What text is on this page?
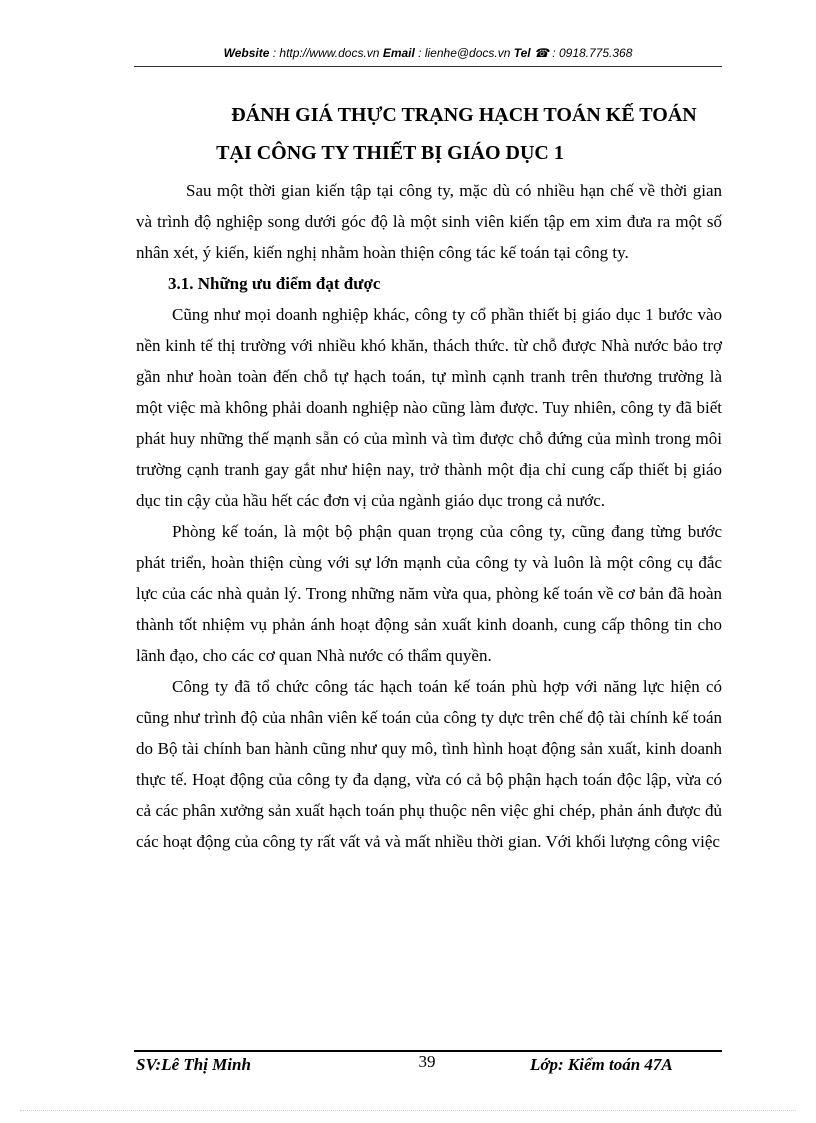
Website : http://www.docs.vn Email : lienhe@docs.vn Tel ☎ : 0918.775.368
ĐÁNH GIÁ THỰC TRẠNG HẠCH TOÁN KẾ TOÁN
TẠI CÔNG TY THIẾT BỊ GIÁO DỤC 1

Sau một thời gian kiến tập tại công ty, mặc dù có nhiều hạn chế về thời gian và trình độ nghiệp song dưới góc độ là một sinh viên kiến tập em xim đưa ra một số nhân xét, ý kiến, kiến nghị nhằm hoàn thiện công tác kế toán tại công ty.

3.1. Những ưu điểm đạt được

Cũng như mọi doanh nghiệp khác, công ty cổ phần thiết bị giáo dục 1 bước vào nền kinh tế thị trường với nhiều khó khăn, thách thức. từ chỗ được Nhà nước bảo trợ gần như hoàn toàn đến chỗ tự hạch toán, tự mình cạnh tranh trên thương trường là một việc mà không phải doanh nghiệp nào cũng làm được. Tuy nhiên, công ty đã biết phát huy những thế mạnh sẵn có của mình và tìm được chỗ đứng của mình trong môi trường cạnh tranh gay gắt như hiện nay, trở thành một địa chỉ cung cấp thiết bị giáo dục tin cậy của hầu hết các đơn vị của ngành giáo dục trong cả nước.

Phòng kế toán, là một bộ phận quan trọng của công ty, cũng đang từng bước phát triển, hoàn thiện cùng với sự lớn mạnh của công ty và luôn là một công cụ đắc lực của các nhà quản lý. Trong những năm vừa qua, phòng kế toán về cơ bản đã hoàn thành tốt nhiệm vụ phản ánh hoạt động sản xuất kinh doanh, cung cấp thông tin cho lãnh đạo, cho các cơ quan Nhà nước có thẩm quyền.

Công ty đã tổ chức công tác hạch toán kế toán phù hợp với năng lực hiện có cũng như trình độ của nhân viên kế toán của công ty dực trên chế độ tài chính kế toán do Bộ tài chính ban hành cũng như quy mô, tình hình hoạt động sản xuất, kinh doanh thực tế. Hoạt động của công ty đa dạng, vừa có cả bộ phận hạch toán độc lập, vừa có cả các phân xưởng sản xuất hạch toán phụ thuộc nên việc ghi chép, phản ánh được đủ các hoạt động của công ty rất vất vả và mất nhiều thời gian. Với khối lượng công việc

SV:Lê Thị Minh	39	Lớp: Kiểm toán 47A
